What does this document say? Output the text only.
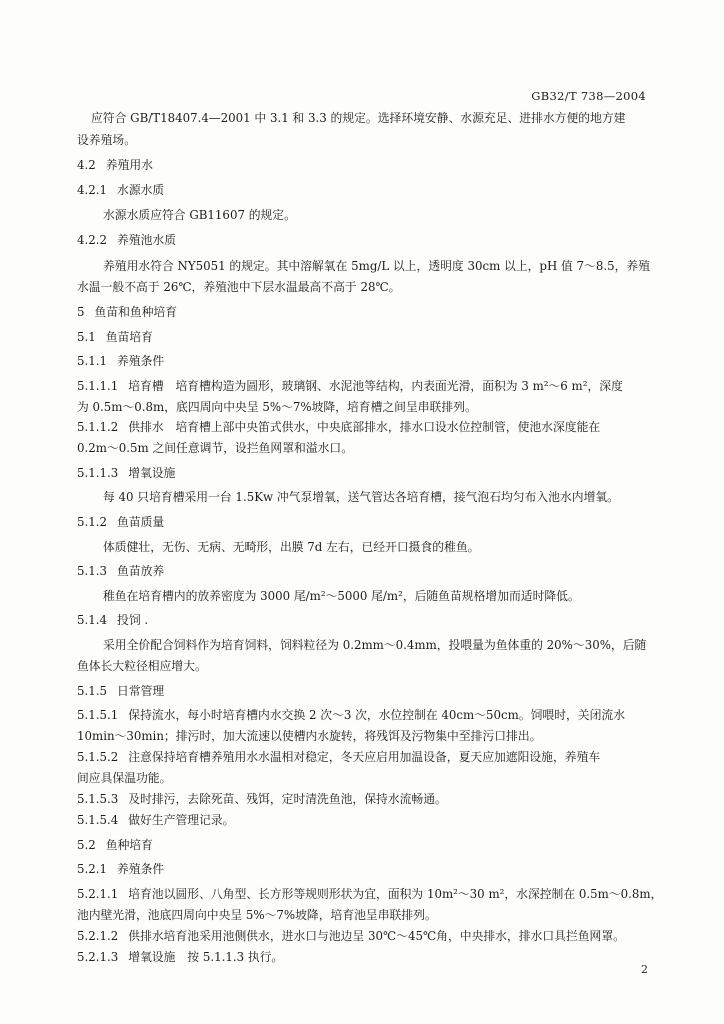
GB32/T 738—2004
应符合 GB/T18407.4—2001 中 3.1 和 3.3 的规定。选择环境安静、水源充足、进排水方便的地方建
设养殖场。
4.2 养殖用水
4.2.1 水源水质
水源水质应符合 GB11607 的规定。
4.2.2 养殖池水质
养殖用水符合 NY5051 的规定。其中溶解氧在 5mg/L 以上，透明度 30cm 以上，pH 值 7～8.5，养殖
水温一般不高于 26℃，养殖池中下层水温最高不高于 28℃。
5 鱼苗和鱼种培育
5.1 鱼苗培育
5.1.1 养殖条件
5.1.1.1 培育槽　培育槽构造为圆形，玻璃钢、水泥池等结构，内表面光滑，面积为 3 m²～6 m²，深度
为 0.5m～0.8m，底四周向中央呈 5%～7%坡降，培育槽之间呈串联排列。
5.1.1.2 供排水　培育槽上部中央笛式供水，中央底部排水，排水口设水位控制管，使池水深度能在
0.2m～0.5m 之间任意调节，设拦鱼网罩和溢水口。
5.1.1.3 增氧设施
每 40 只培育槽采用一台 1.5Kw 冲气泵增氧，送气管达各培育槽，接气泡石均匀布入池水内增氧。
5.1.2 鱼苗质量
体质健壮，无伤、无病、无畸形，出膜 7d 左右，已经开口摄食的稚鱼。
5.1.3 鱼苗放养
稚鱼在培育槽内的放养密度为 3000 尾/m²～5000 尾/m²，后随鱼苗规格增加而适时降低。
5.1.4 投饲 .
采用全价配合饲料作为培育饲料，饲料粒径为 0.2mm～0.4mm，投喂量为鱼体重的 20%～30%，后随
鱼体长大粒径相应增大。
5.1.5 日常管理
5.1.5.1 保持流水，每小时培育槽内水交换 2 次～3 次，水位控制在 40cm～50cm。饲喂时，关闭流水
10min～30min；排污时，加大流速以使槽内水旋转，将残饵及污物集中至排污口排出。
5.1.5.2 注意保持培育槽养殖用水水温相对稳定，冬天应启用加温设备，夏天应加遮阳设施，养殖车
间应具保温功能。
5.1.5.3 及时排污，去除死苗、残饵，定时清洗鱼池，保持水流畅通。
5.1.5.4 做好生产管理记录。
5.2 鱼种培育
5.2.1 养殖条件
5.2.1.1 培育池以圆形、八角型、长方形等规则形状为宜，面积为 10m²～30 m²，水深控制在 0.5m～0.8m，
池内壁光滑，池底四周向中央呈 5%～7%坡降，培育池呈串联排列。
5.2.1.2 供排水培育池采用池侧供水，进水口与池边呈 30℃～45℃角，中央排水，排水口具拦鱼网罩。
5.2.1.3 增氧设施　按 5.1.1.3 执行。
2
